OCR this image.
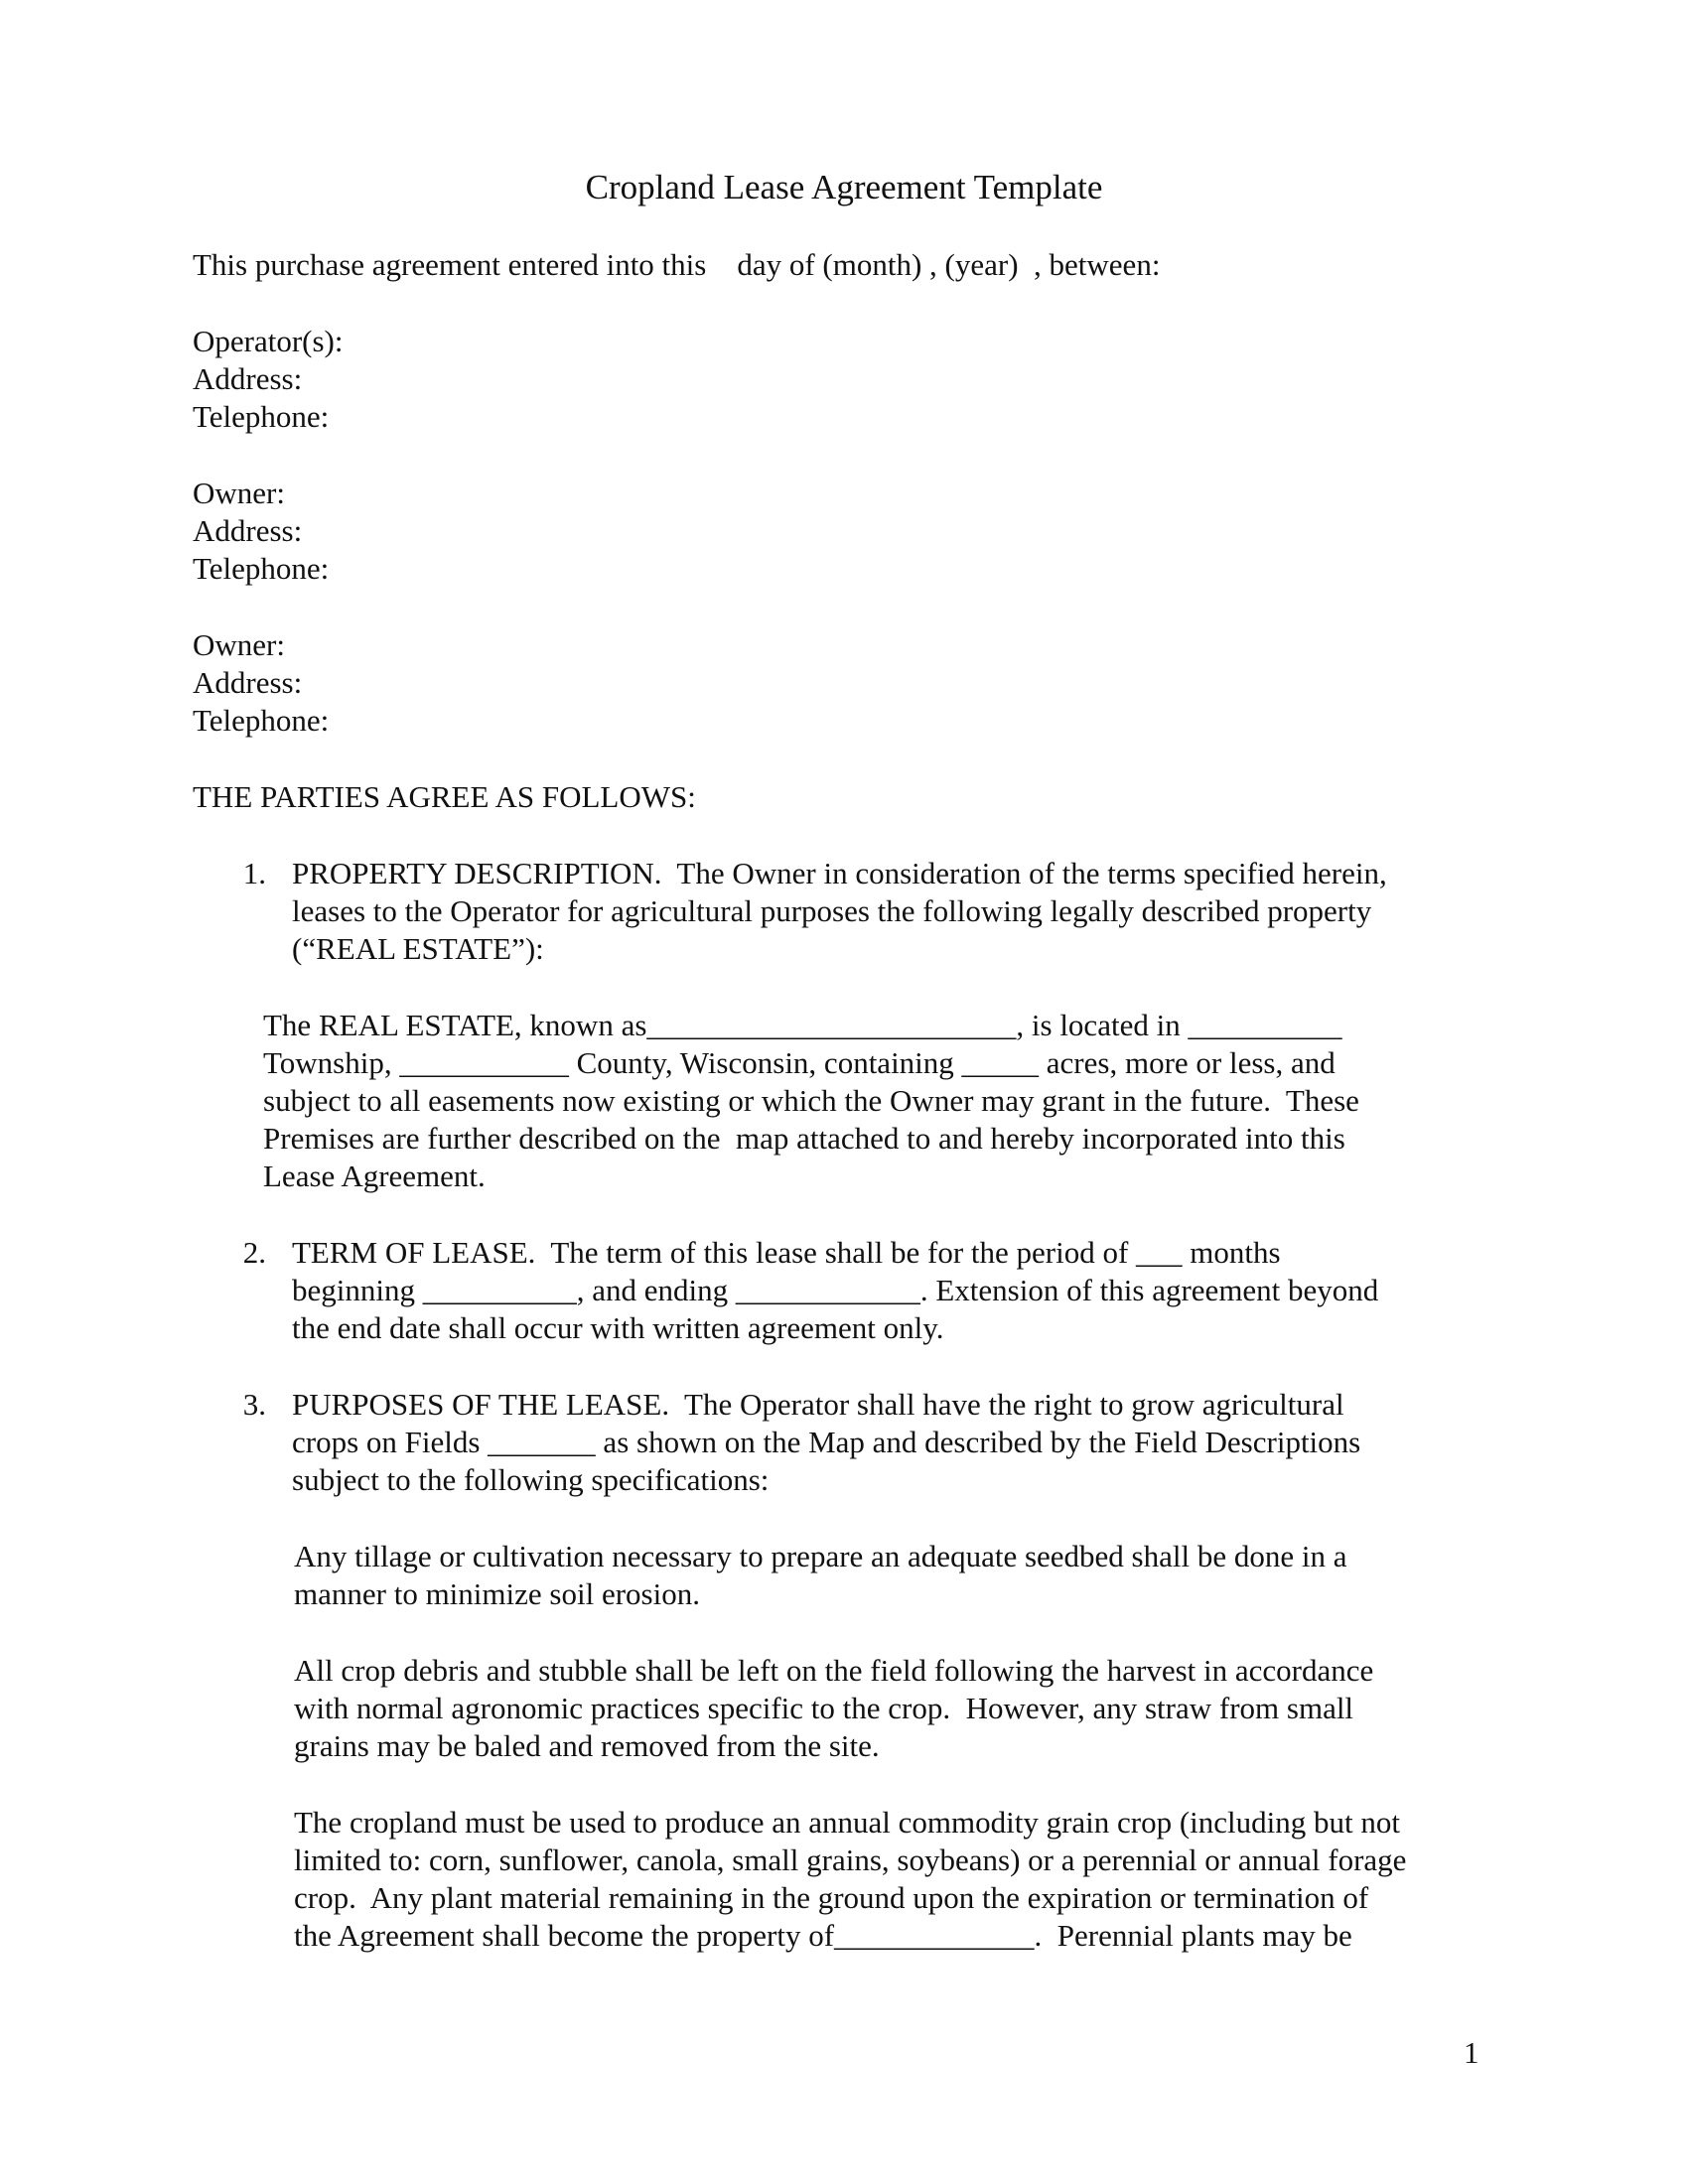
Cropland Lease Agreement Template
This purchase agreement entered into this    day of (month) , (year)  , between:
Operator(s):
Address:
Telephone:
Owner:
Address:
Telephone:
Owner:
Address:
Telephone:
THE PARTIES AGREE AS FOLLOWS:
1. PROPERTY DESCRIPTION.  The Owner in consideration of the terms specified herein,
leases to the Operator for agricultural purposes the following legally described property
(“REAL ESTATE”):
The REAL ESTATE, known as________________________, is located in __________
Township, ___________ County, Wisconsin, containing _____ acres, more or less, and
subject to all easements now existing or which the Owner may grant in the future.  These
Premises are further described on the  map attached to and hereby incorporated into this
Lease Agreement.
2. TERM OF LEASE.  The term of this lease shall be for the period of ___ months
beginning __________, and ending ____________. Extension of this agreement beyond
the end date shall occur with written agreement only.
3. PURPOSES OF THE LEASE.  The Operator shall have the right to grow agricultural
crops on Fields _______ as shown on the Map and described by the Field Descriptions
subject to the following specifications:
Any tillage or cultivation necessary to prepare an adequate seedbed shall be done in a
manner to minimize soil erosion.
All crop debris and stubble shall be left on the field following the harvest in accordance
with normal agronomic practices specific to the crop.  However, any straw from small
grains may be baled and removed from the site.
The cropland must be used to produce an annual commodity grain crop (including but not
limited to: corn, sunflower, canola, small grains, soybeans) or a perennial or annual forage
crop.  Any plant material remaining in the ground upon the expiration or termination of
the Agreement shall become the property of_____________.  Perennial plants may be
1
